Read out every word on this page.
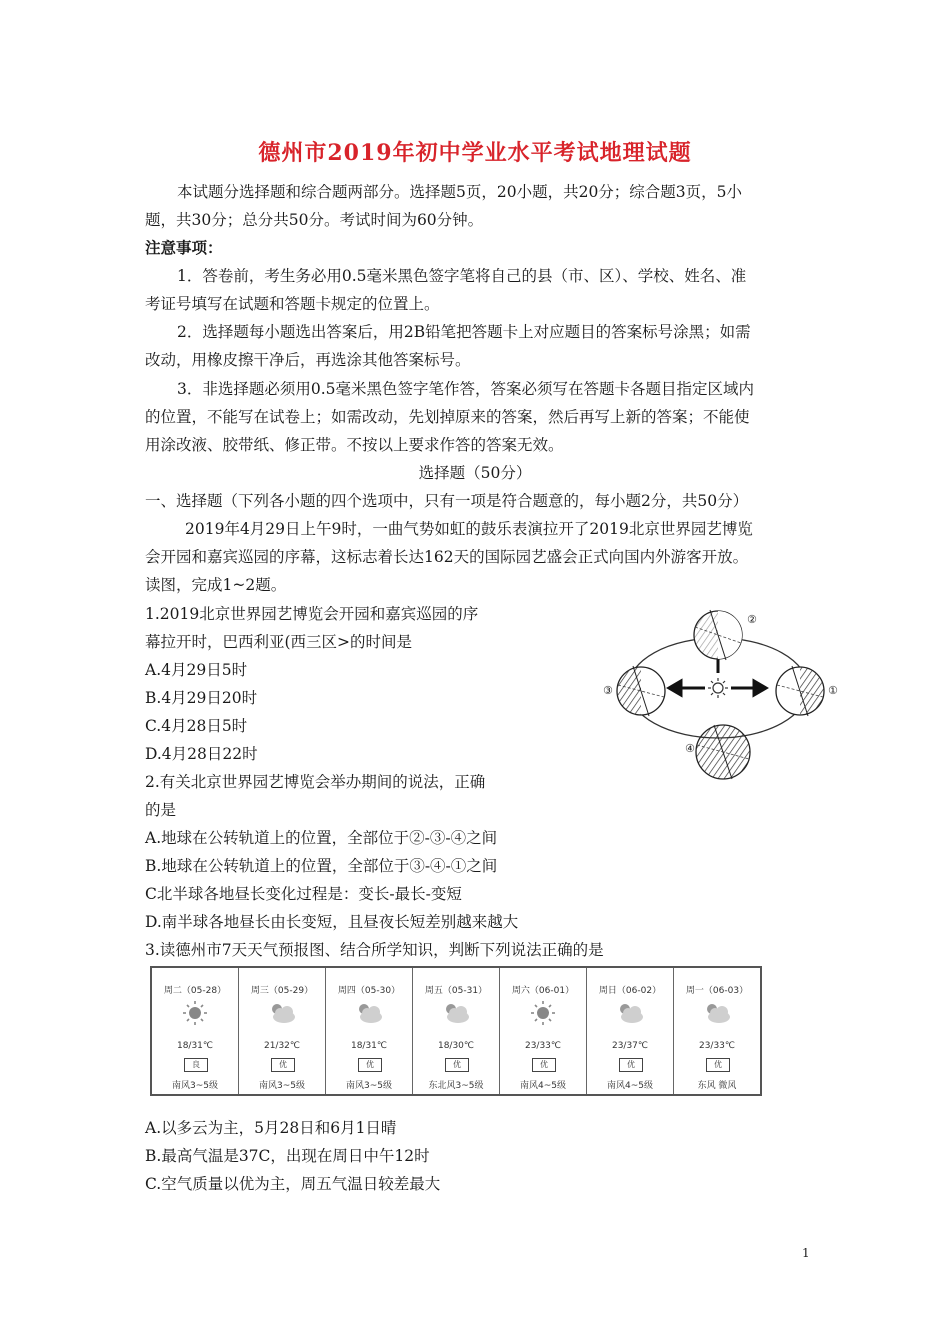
德州市2019年初中学业水平考试地理试题
本试题分选择题和综合题两部分。选择题5页，20小题，共20分；综合题3页，5小
题，共30分；总分共50分。考试时间为60分钟。
注意事项：
1．答卷前，考生务必用0.5毫米黑色签字笔将自己的县（市、区）、学校、姓名、准
考证号填写在试题和答题卡规定的位置上。
2．选择题每小题选出答案后，用2B铅笔把答题卡上对应题目的答案标号涂黑；如需
改动，用橡皮擦干净后，再选涂其他答案标号。
3．非选择题必须用0.5毫米黑色签字笔作答，答案必须写在答题卡各题目指定区域内
的位置，不能写在试卷上；如需改动，先划掉原来的答案，然后再写上新的答案；不能使
用涂改液、胶带纸、修正带。不按以上要求作答的答案无效。
选择题（50分）
一、选择题（下列各小题的四个选项中，只有一项是符合题意的，每小题2分，共50分）
2019年4月29日上午9时，一曲气势如虹的鼓乐表演拉开了2019北京世界园艺博览
会开园和嘉宾巡园的序幕，这标志着长达162天的国际园艺盛会正式向国内外游客开放。
读图，完成1~2题。
1.2019北京世界园艺博览会开园和嘉宾巡园的序
幕拉开时，巴西利亚(西三区>的时间是
A.4月29日5时
B.4月29日20时
C.4月28日5时
D.4月28日22时
2.有关北京世界园艺博览会举办期间的说法，正确
的是
A.地球在公转轨道上的位置，全部位于②-③-④之间
B.地球在公转轨道上的位置，全部位于③-④-①之间
C北半球各地昼长变化过程是：变长-最长-变短
D.南半球各地昼长由长变短，且昼夜长短差别越来越大
3.读德州市7天天气预报图、结合所学知识，判断下列说法正确的是
②
①
③
④
周二（05-28）
18/31℃
良
南风3~5级
周三（05-29）
21/32℃
优
南风3~5级
周四（05-30）
18/31℃
优
南风3~5级
周五（05-31）
18/30℃
优
东北风3~5级
周六（06-01）
23/33℃
优
南风4~5级
周日（06-02）
23/37℃
优
南风4~5级
周一（06-03）
23/33℃
优
东风 微风
A.以多云为主，5月28日和6月1日晴
B.最高气温是37C，出现在周日中午12时
C.空气质量以优为主，周五气温日较差最大
1
